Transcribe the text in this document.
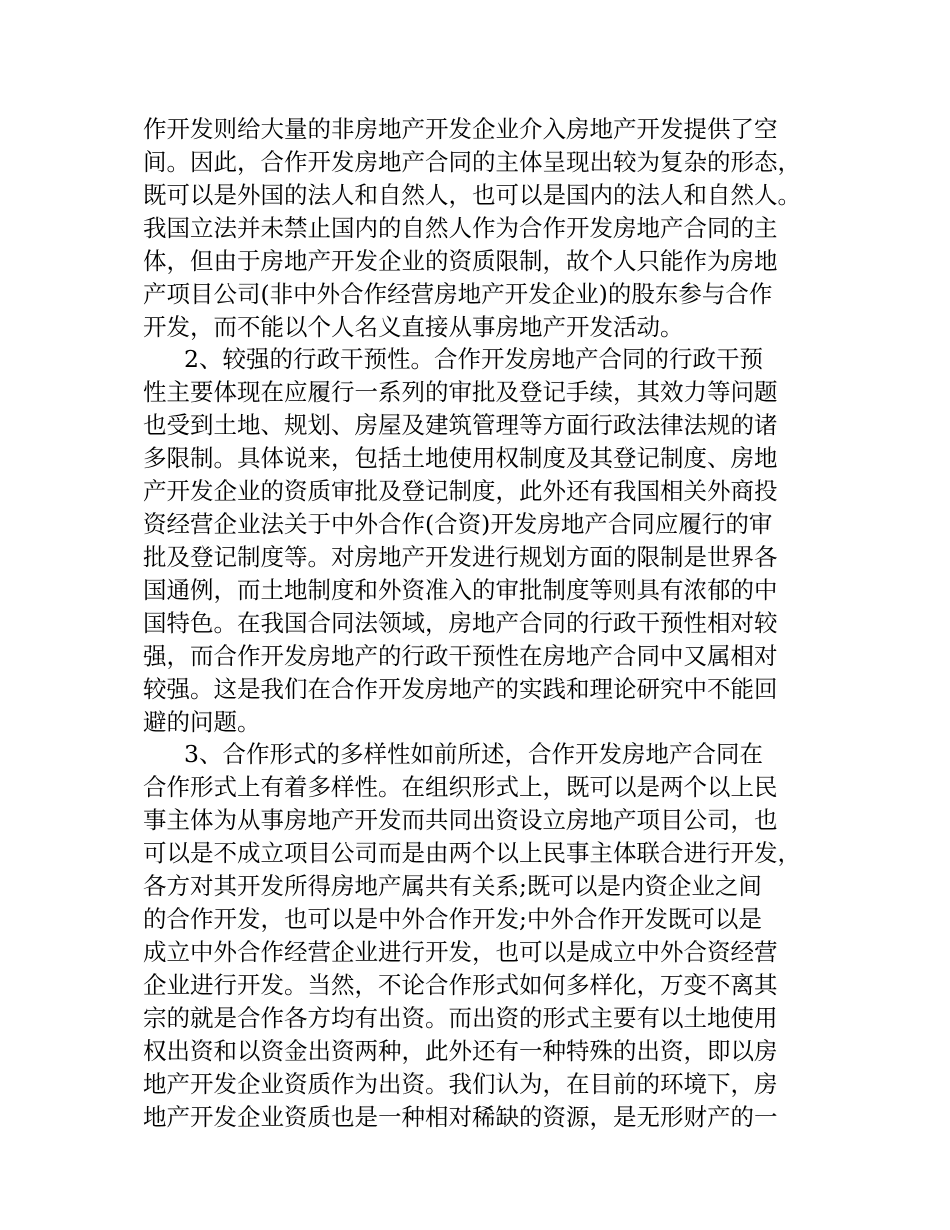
作开发则给大量的非房地产开发企业介入房地产开发提供了空
间。因此，合作开发房地产合同的主体呈现出较为复杂的形态，
既可以是外国的法人和自然人，也可以是国内的法人和自然人。
我国立法并未禁止国内的自然人作为合作开发房地产合同的主
体，但由于房地产开发企业的资质限制，故个人只能作为房地
产项目公司(非中外合作经营房地产开发企业)的股东参与合作
开发，而不能以个人名义直接从事房地产开发活动。
2、较强的行政干预性。合作开发房地产合同的行政干预
性主要体现在应履行一系列的审批及登记手续，其效力等问题
也受到土地、规划、房屋及建筑管理等方面行政法律法规的诸
多限制。具体说来，包括土地使用权制度及其登记制度、房地
产开发企业的资质审批及登记制度，此外还有我国相关外商投
资经营企业法关于中外合作(合资)开发房地产合同应履行的审
批及登记制度等。对房地产开发进行规划方面的限制是世界各
国通例，而土地制度和外资准入的审批制度等则具有浓郁的中
国特色。在我国合同法领域，房地产合同的行政干预性相对较
强，而合作开发房地产的行政干预性在房地产合同中又属相对
较强。这是我们在合作开发房地产的实践和理论研究中不能回
避的问题。
3、合作形式的多样性如前所述，合作开发房地产合同在
合作形式上有着多样性。在组织形式上，既可以是两个以上民
事主体为从事房地产开发而共同出资设立房地产项目公司，也
可以是不成立项目公司而是由两个以上民事主体联合进行开发，
各方对其开发所得房地产属共有关系;既可以是内资企业之间
的合作开发，也可以是中外合作开发;中外合作开发既可以是
成立中外合作经营企业进行开发，也可以是成立中外合资经营
企业进行开发。当然，不论合作形式如何多样化，万变不离其
宗的就是合作各方均有出资。而出资的形式主要有以土地使用
权出资和以资金出资两种，此外还有一种特殊的出资，即以房
地产开发企业资质作为出资。我们认为，在目前的环境下，房
地产开发企业资质也是一种相对稀缺的资源，是无形财产的一
